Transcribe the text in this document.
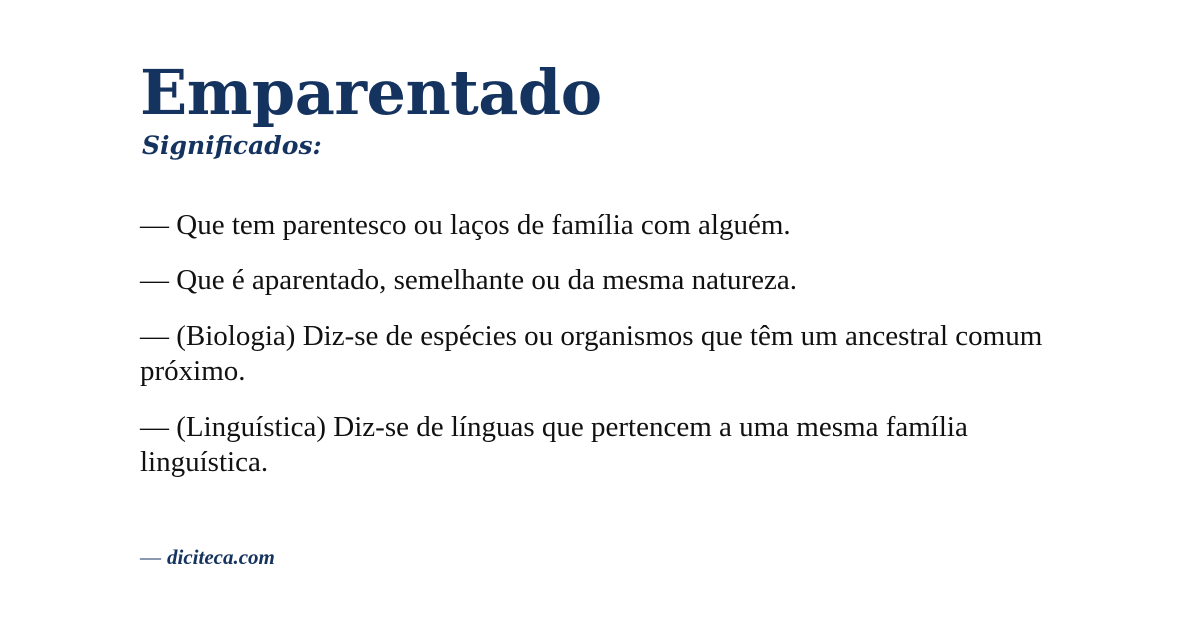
Emparentado
Significados:
— Que tem parentesco ou laços de família com alguém.
— Que é aparentado, semelhante ou da mesma natureza.
— (Biologia) Diz-se de espécies ou organismos que têm um ancestral comum próximo.
— (Linguística) Diz-se de línguas que pertencem a uma mesma família linguística.
— diciteca.com
